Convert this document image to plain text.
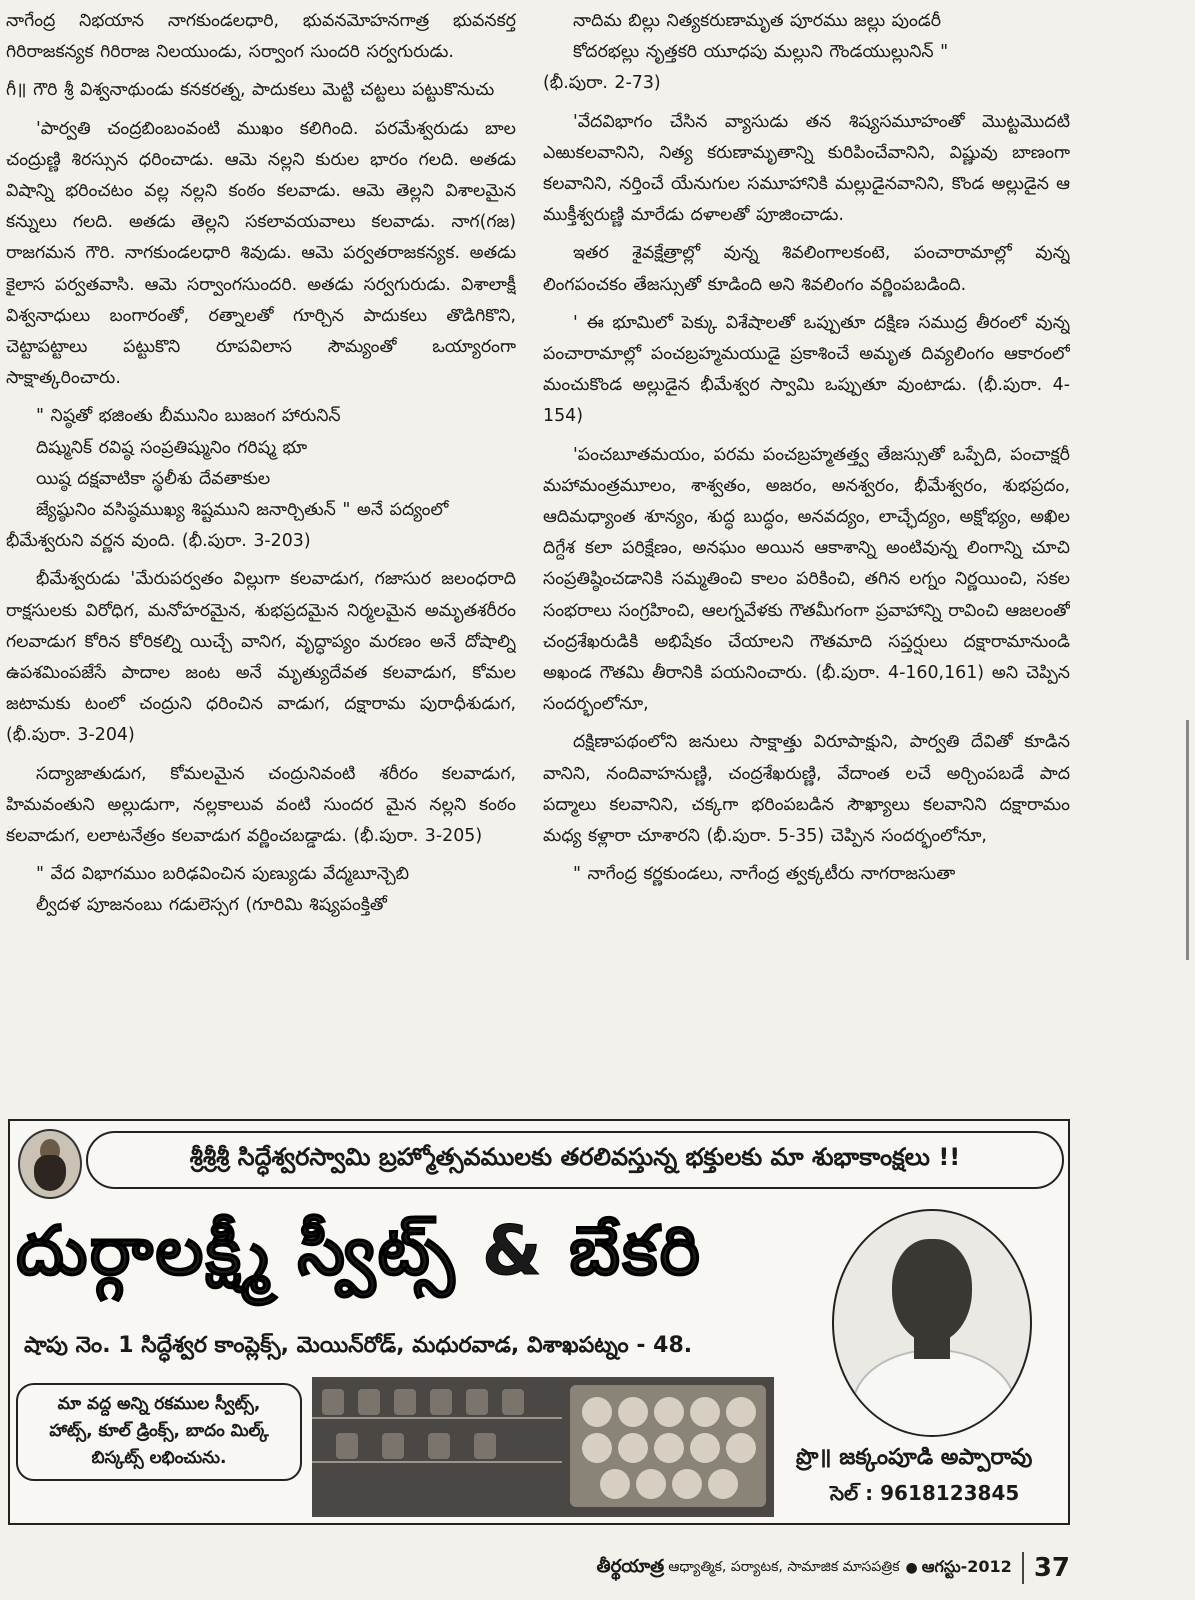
నాగేంద్ర నిభయాన నాగకుండలధారి, భువనమోహనగాత్ర భువనకర్త గిరిరాజకన్యక గిరిరాజ నిలయుండు, సర్వాంగ సుందరి సర్వగురుడు.

గీ॥ గౌరి శ్రీ విశ్వనాథుండు కనకరత్న, పాదుకలు మెట్టి చట్టలు పట్టుకొనుచు

'పార్వతి చంద్రబింబంవంటి ముఖం కలిగింది. పరమేశ్వరుడు బాల చంద్రుణ్ణి శిరస్సున ధరించాడు. ఆమె నల్లని కురుల భారం గలది. అతడు విషాన్ని భరించటం వల్ల నల్లని కంఠం కలవాడు. ఆమె తెల్లని విశాలమైన కన్నులు గలది. అతడు తెల్లని సకలావయవాలు కలవాడు. నాగ(గజ) రాజగమన గౌరి. నాగకుండలధారి శివుడు. ఆమె పర్వతరాజకన్యక. అతడు కైలాస పర్వతవాసి. ఆమె సర్వాంగసుందరి. అతడు సర్వగురుడు. విశాలాక్షీ విశ్వనాధులు బంగారంతో, రత్నాలతో గూర్చిన పాదుకలు తొడిగికొని, చెట్టాపట్టాలు పట్టుకొని రూపవిలాస సౌమ్యంతో ఒయ్యారంగా సాక్షాత్కరించారు.

" నిష్ఠతో భజింతు బీమునిం బుజంగ హారునిన్

దిష్మునిక్ రవిష్ఠ సంప్రతిష్మునిం గరిష్మ భూ

యిష్ఠ దక్షవాటికా స్థలీశు దేవతాకుల

జ్యేష్ఠునిం వసిష్ఠముఖ్య శిష్టముని జనార్చితున్ " అనే పద్యంలో

భీమేశ్వరుని వర్ణన వుంది. (భీ.పురా. 3-203)

భీమేశ్వరుడు 'మేరుపర్వతం విల్లుగా కలవాడుగ, గజాసుర జలంధరాది రాక్షసులకు విరోధిగ, మనోహరమైన, శుభప్రదమైన నిర్మలమైన అమృతశరీరం గలవాడుగ కోరిన కోరికల్ని యిచ్చే వానిగ, వృద్ధాప్యం మరణం అనే దోషాల్ని ఉపశమింపజేసే పాదాల జంట అనే మృత్యుదేవత కలవాడుగ, కోమల జటామకు టంలో చంద్రుని ధరించిన వాడుగ, దక్షారామ పురాధీశుడుగ, (భీ.పురా. 3-204)

సద్యాజాతుడుగ, కోమలమైన చంద్రునివంటి శరీరం కలవాడుగ, హిమవంతుని అల్లుడుగా, నల్లకాలువ వంటి సుందర మైన నల్లని కంఠం కలవాడుగ, లలాటనేత్రం కలవాడుగ వర్ణించబడ్డాడు. (భీ.పురా. 3-205)

" వేద విభాగముం బరిఢవించిన పుణ్యుడు వేద్మబూన్చెబి

ల్వీదళ పూజనంబు గడులెస్సగ (గూరిమి శిష్యపంక్తితో

నాదిమ బిల్లు నిత్యకరుణామృత పూరము జల్లు పుండరీ

కోదరభల్లు నృత్తకరి యూధపు మల్లుని గౌండయుల్లునిన్ "

(భీ.పురా. 2-73)

'వేదవిభాగం చేసిన వ్యాసుడు తన శిష్యసమూహంతో మొట్టమొదటి ఎఱుకలవానిని, నిత్య కరుణామృతాన్ని కురిపించేవానిని, విష్ణువు బాణంగా కలవానిని, నర్తించే యేనుగుల సమూహానికి మల్లుడైనవానిని, కొండ అల్లుడైన ఆ ముక్తీశ్వరుణ్ణి మారేడు దళాలతో పూజించాడు.

ఇతర శైవక్షేత్రాల్లో వున్న శివలింగాలకంటె, పంచారామాల్లో వున్న లింగపంచకం తేజస్సుతో కూడింది అని శివలింగం వర్ణింపబడింది.

' ఈ భూమిలో పెక్కు విశేషాలతో ఒప్పుతూ దక్షిణ సముద్ర తీరంలో వున్న పంచారామాల్లో పంచబ్రహ్మమయుడై ప్రకాశించే అమృత దివ్యలింగం ఆకారంలో మంచుకొండ అల్లుడైన భీమేశ్వర స్వామి ఒప్పుతూ వుంటాడు. (భీ.పురా. 4-154)

'పంచబూతమయం, పరమ పంచబ్రహ్మతత్త్వ తేజస్సుతో ఒప్పేది, పంచాక్షరీ మహామంత్రమూలం, శాశ్వతం, అజరం, అనశ్వరం, భీమేశ్వరం, శుభప్రదం, ఆదిమధ్యాంత శూన్యం, శుద్ధ బుద్ధం, అనవద్యం, లాచ్ఛేద్యం, అక్షోభ్యం, అఖిల దిగ్దేశ కలా పరిక్షేణం, అనఘం అయిన ఆకాశాన్ని అంటివున్న లింగాన్ని చూచి సంప్రతిష్ఠించడానికి సమ్మతించి కాలం పరికించి, తగిన లగ్నం నిర్ణయించి, సకల సంభరాలు సంగ్రహించి, ఆలగ్నవేళకు గౌతమీగంగా ప్రవాహాన్ని రావించి ఆజలంతో చంద్రశేఖరుడికి అభిషేకం చేయాలని గౌతమాది సప్తర్షులు దక్షారామానుండి అఖండ గౌతమి తీరానికి పయనించారు. (భీ.పురా. 4-160,161) అని చెప్పిన సందర్భంలోనూ,

దక్షిణాపథంలోని జనులు సాక్షాత్తు విరూపాక్షుని, పార్వతి దేవితో కూడిన వానిని, నందివాహనుణ్ణి, చంద్రశేఖరుణ్ణి, వేదాంత లచే అర్చింపబడే పాద పద్మాలు కలవానిని, చక్కగా భరింపబడిన సౌఖ్యాలు కలవానిని దక్షారామం మధ్య కళ్లారా చూశారని (భీ.పురా. 5-35) చెప్పిన సందర్భంలోనూ,

" నాగేంద్ర కర్ణకుండలు, నాగేంద్ర త్వక్కటీరు నాగరాజసుతా

శ్రీశ్రీశ్రీ సిద్ధేశ్వరస్వామి బ్రహ్మోత్సవములకు తరలివస్తున్న భక్తులకు మా శుభాకాంక్షలు !!
దుర్గాలక్ష్మీ స్వీట్స్ & బేకరి
షాపు నెం. 1 సిద్ధేశ్వర కాంప్లెక్స్, మెయిన్‌రోడ్, మధురవాడ, విశాఖపట్నం - 48.
మా వద్ద అన్ని రకముల స్వీట్స్,
హాట్స్, కూల్ డ్రింక్స్, బాదం మిల్క్
బిస్కట్స్ లభించును.	ప్రొ॥ జక్కంపూడి అప్పారావు
సెల్ : 9618123845
తీర్థయాత్ర ఆధ్యాత్మిక, పర్యాటక, సామాజిక మాసపత్రిక ● ఆగస్టు-2012 37
